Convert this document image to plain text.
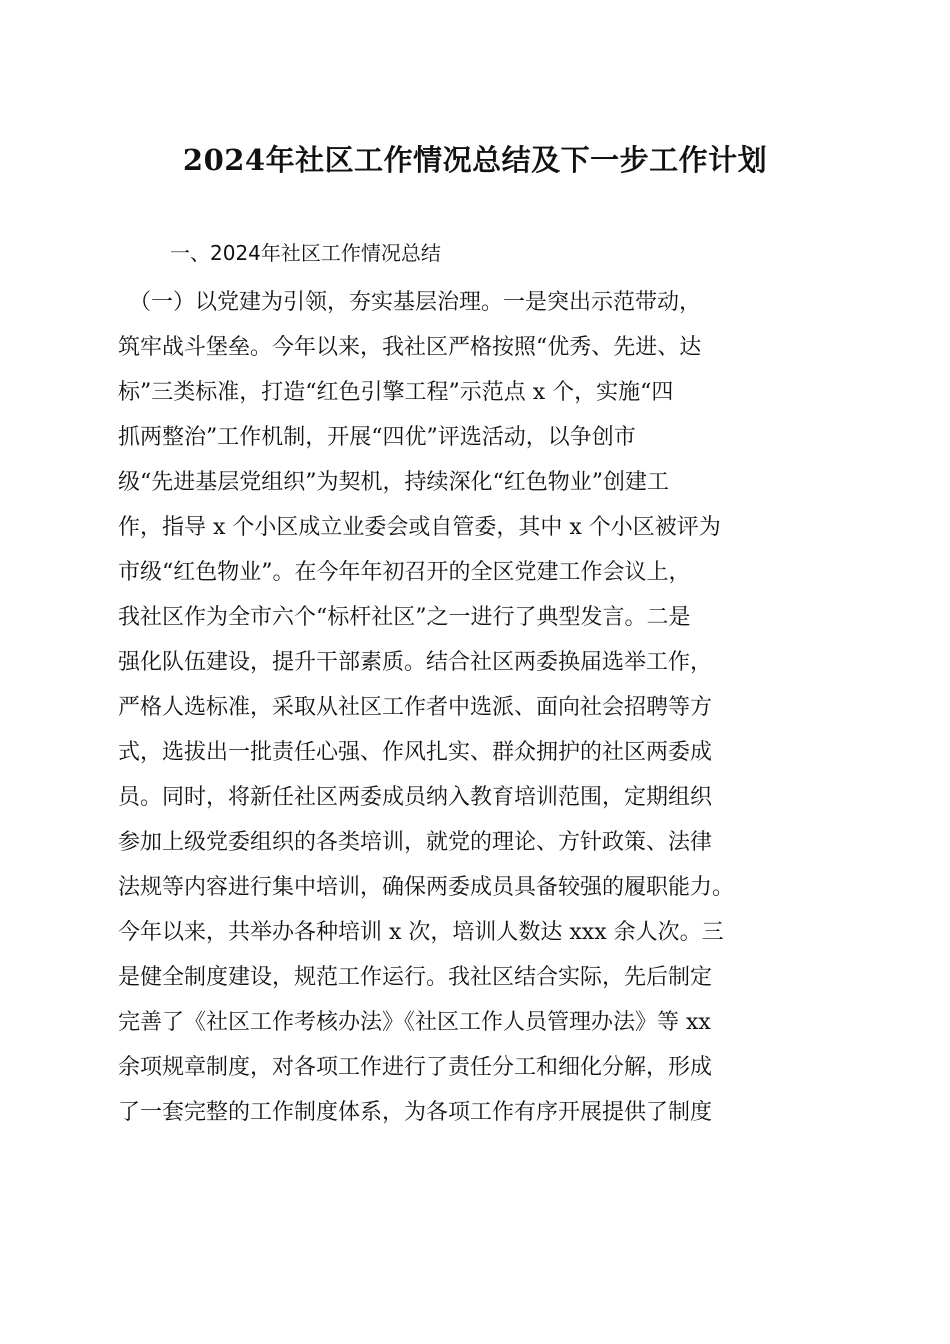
2024年社区工作情况总结及下一步工作计划
一、2024年社区工作情况总结
　（一）以党建为引领，夯实基层治理。一是突出示范带动，
筑牢战斗堡垒。今年以来，我社区严格按照“优秀、先进、达
标”三类标准，打造“红色引擎工程”示范点 x 个，实施“四
抓两整治”工作机制，开展“四优”评选活动，以争创市
级“先进基层党组织”为契机，持续深化“红色物业”创建工
作，指导 x 个小区成立业委会或自管委，其中 x 个小区被评为
市级“红色物业”。在今年年初召开的全区党建工作会议上，
我社区作为全市六个“标杆社区”之一进行了典型发言。二是
强化队伍建设，提升干部素质。结合社区两委换届选举工作，
严格人选标准，采取从社区工作者中选派、面向社会招聘等方
式，选拔出一批责任心强、作风扎实、群众拥护的社区两委成
员。同时，将新任社区两委成员纳入教育培训范围，定期组织
参加上级党委组织的各类培训，就党的理论、方针政策、法律
法规等内容进行集中培训，确保两委成员具备较强的履职能力。
今年以来，共举办各种培训 x 次，培训人数达 xxx 余人次。三
是健全制度建设，规范工作运行。我社区结合实际，先后制定
完善了《社区工作考核办法》《社区工作人员管理办法》等 xx
余项规章制度，对各项工作进行了责任分工和细化分解，形成
了一套完整的工作制度体系，为各项工作有序开展提供了制度
